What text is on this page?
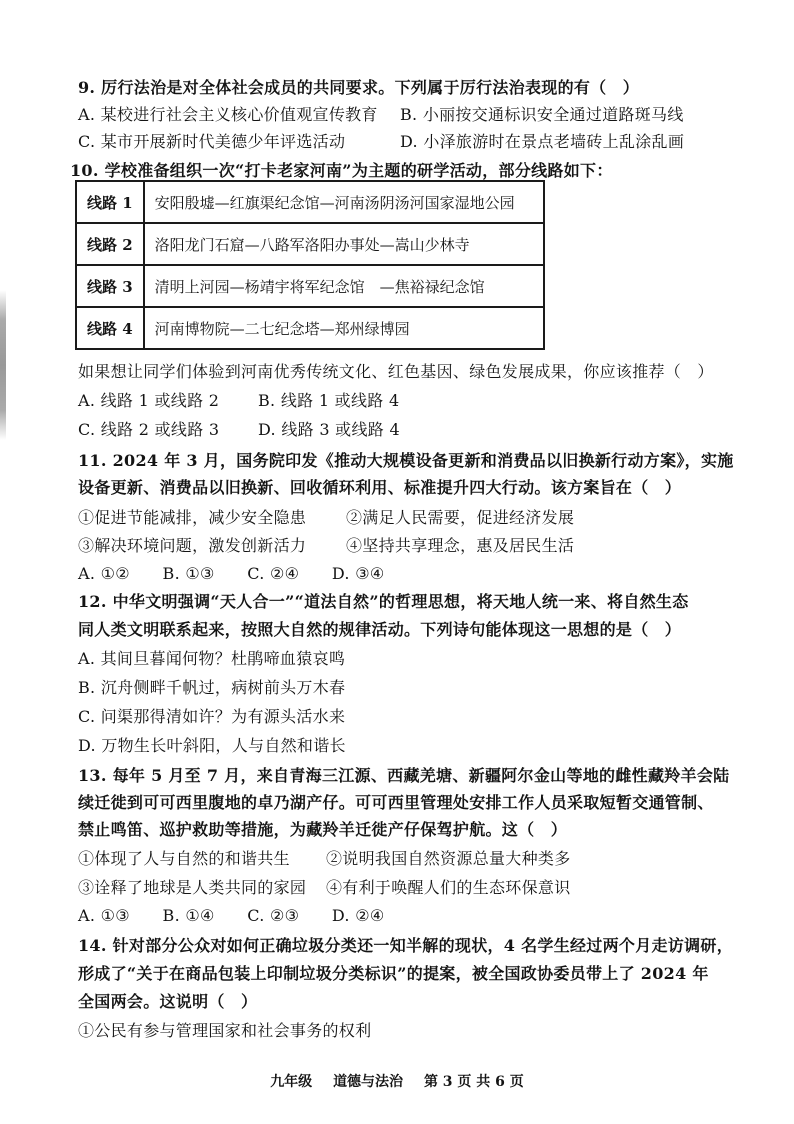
9. 厉行法治是对全体社会成员的共同要求。下列属于厉行法治表现的有（　）
A. 某校进行社会主义核心价值观宣传教育 B. 小丽按交通标识安全通过道路斑马线
C. 某市开展新时代美德少年评选活动	D. 小泽旅游时在景点老墙砖上乱涂乱画
10. 学校准备组织一次“打卡老家河南”为主题的研学活动，部分线路如下：
线路 1	安阳殷墟—红旗渠纪念馆—河南汤阴汤河国家湿地公园
线路 2	洛阳龙门石窟—八路军洛阳办事处—嵩山少林寺
线路 3	清明上河园—杨靖宇将军纪念馆　—焦裕禄纪念馆
线路 4	河南博物院—二七纪念塔—郑州绿博园
如果想让同学们体验到河南优秀传统文化、红色基因、绿色发展成果，你应该推荐（　）
A. 线路 1 或线路 2 B. 线路 1 或线路 4
C. 线路 2 或线路 3 D. 线路 3 或线路 4
11. 2024 年 3 月，国务院印发《推动大规模设备更新和消费品以旧换新行动方案》，实施
设备更新、消费品以旧换新、回收循环利用、标准提升四大行动。该方案旨在（　）
①促进节能减排，减少安全隐患 ②满足人民需要，促进经济发展
③解决环境问题，激发创新活力 ④坚持共享理念，惠及居民生活
A. ①②　　B. ①③　　C. ②④　　D. ③④
12. 中华文明强调“天人合一”“道法自然”的哲理思想，将天地人统一来、将自然生态
同人类文明联系起来，按照大自然的规律活动。下列诗句能体现这一思想的是（　）
A. 其间旦暮闻何物？杜鹃啼血猿哀鸣
B. 沉舟侧畔千帆过，病树前头万木春
C. 问渠那得清如许？为有源头活水来
D. 万物生长叶斜阳，人与自然和谐长
13. 每年 5 月至 7 月，来自青海三江源、西藏羌塘、新疆阿尔金山等地的雌性藏羚羊会陆
续迁徙到可可西里腹地的卓乃湖产仔。可可西里管理处安排工作人员采取短暂交通管制、
禁止鸣笛、巡护救助等措施，为藏羚羊迁徙产仔保驾护航。这（　）
①体现了人与自然的和谐共生 ②说明我国自然资源总量大种类多
③诠释了地球是人类共同的家园 ④有利于唤醒人们的生态环保意识
A. ①③　　B. ①④　　C. ②③　　D. ②④
14. 针对部分公众对如何正确垃圾分类还一知半解的现状，4 名学生经过两个月走访调研，
形成了“关于在商品包装上印制垃圾分类标识”的提案，被全国政协委员带上了 2024 年
全国两会。这说明（　）
①公民有参与管理国家和社会事务的权利
九年级 道德与法治 第 3 页 共 6 页
